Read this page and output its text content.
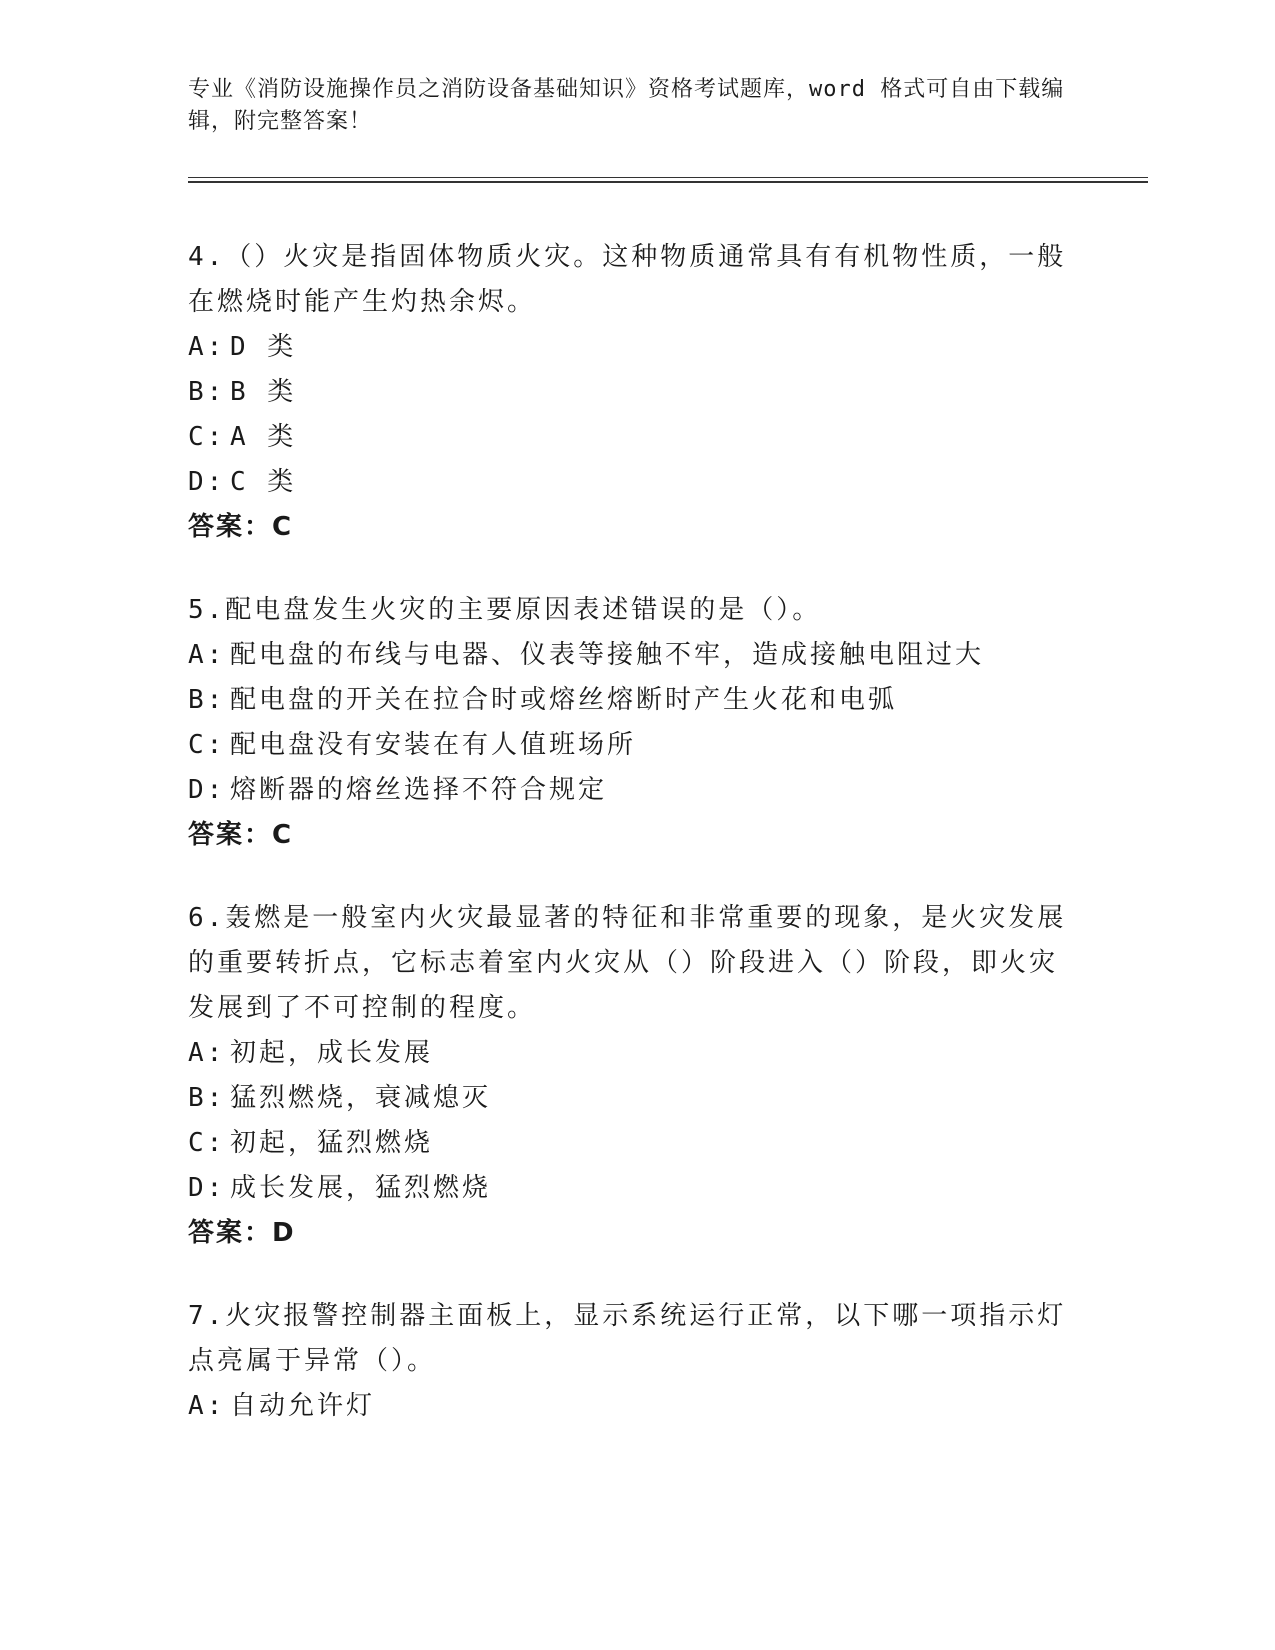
专业《消防设施操作员之消防设备基础知识》资格考试题库，word 格式可自由下载编辑，附完整答案！

4.（）火灾是指固体物质火灾。这种物质通常具有有机物性质，一般在燃烧时能产生灼热余烬。

A: D 类

B: B 类

C: A 类

D: C 类

答案：C

5.配电盘发生火灾的主要原因表述错误的是（）。

A: 配电盘的布线与电器、仪表等接触不牢，造成接触电阻过大

B: 配电盘的开关在拉合时或熔丝熔断时产生火花和电弧

C: 配电盘没有安装在有人值班场所

D: 熔断器的熔丝选择不符合规定

答案：C

6.轰燃是一般室内火灾最显著的特征和非常重要的现象，是火灾发展的重要转折点，它标志着室内火灾从（）阶段进入（）阶段，即火灾发展到了不可控制的程度。

A: 初起，成长发展

B: 猛烈燃烧，衰减熄灭

C: 初起，猛烈燃烧

D: 成长发展，猛烈燃烧

答案：D

7.火灾报警控制器主面板上，显示系统运行正常，以下哪一项指示灯点亮属于异常（）。

A: 自动允许灯
